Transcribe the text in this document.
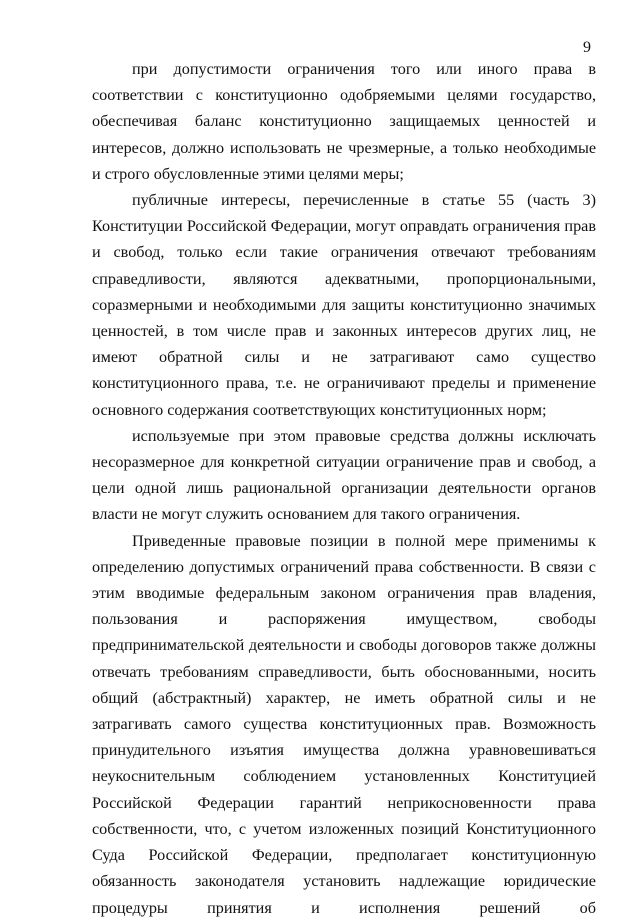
9

при допустимости ограничения того или иного права в соответствии с конституционно одобряемыми целями государство, обеспечивая баланс конституционно защищаемых ценностей и интересов, должно использовать не чрезмерные, а только необходимые и строго обусловленные этими целями меры;

публичные интересы, перечисленные в статье 55 (часть 3) Конституции Российской Федерации, могут оправдать ограничения прав и свобод, только если такие ограничения отвечают требованиям справедливости, являются адекватными, пропорциональными, соразмерными и необходимыми для защиты конституционно значимых ценностей, в том числе прав и законных интересов других лиц, не имеют обратной силы и не затрагивают само существо конституционного права, т.е. не ограничивают пределы и применение основного содержания соответствующих конституционных норм;

используемые при этом правовые средства должны исключать несоразмерное для конкретной ситуации ограничение прав и свобод, а цели одной лишь рациональной организации деятельности органов власти не могут служить основанием для такого ограничения.

Приведенные правовые позиции в полной мере применимы к определению допустимых ограничений права собственности. В связи с этим вводимые федеральным законом ограничения прав владения, пользования и распоряжения имуществом, свободы предпринимательской деятельности и свободы договоров также должны отвечать требованиям справедливости, быть обоснованными, носить общий (абстрактный) характер, не иметь обратной силы и не затрагивать самого существа конституционных прав. Возможность принудительного изъятия имущества должна уравновешиваться неукоснительным соблюдением установленных Конституцией Российской Федерации гарантий неприкосновенности права собственности, что, с учетом изложенных позиций Конституционного Суда Российской Федерации, предполагает конституционную обязанность законодателя установить надлежащие юридические процедуры принятия и исполнения решений об
